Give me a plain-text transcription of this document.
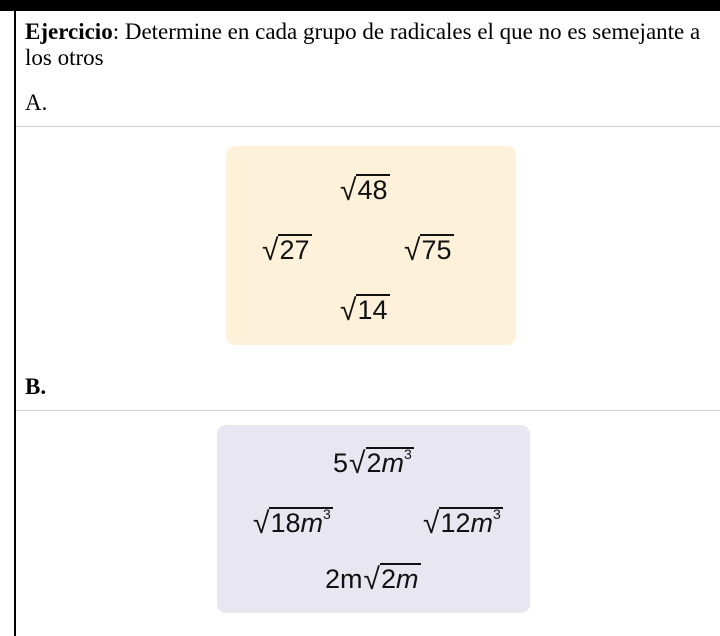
Ejercicio: Determine en cada grupo de radicales el que no es semejante a los otros
A.
√ 48
√ 27	√ 75
√ 14
B.
5 √ $2m^3$
√ $18m^3$	√ $12m^3$
2m √ 2m
